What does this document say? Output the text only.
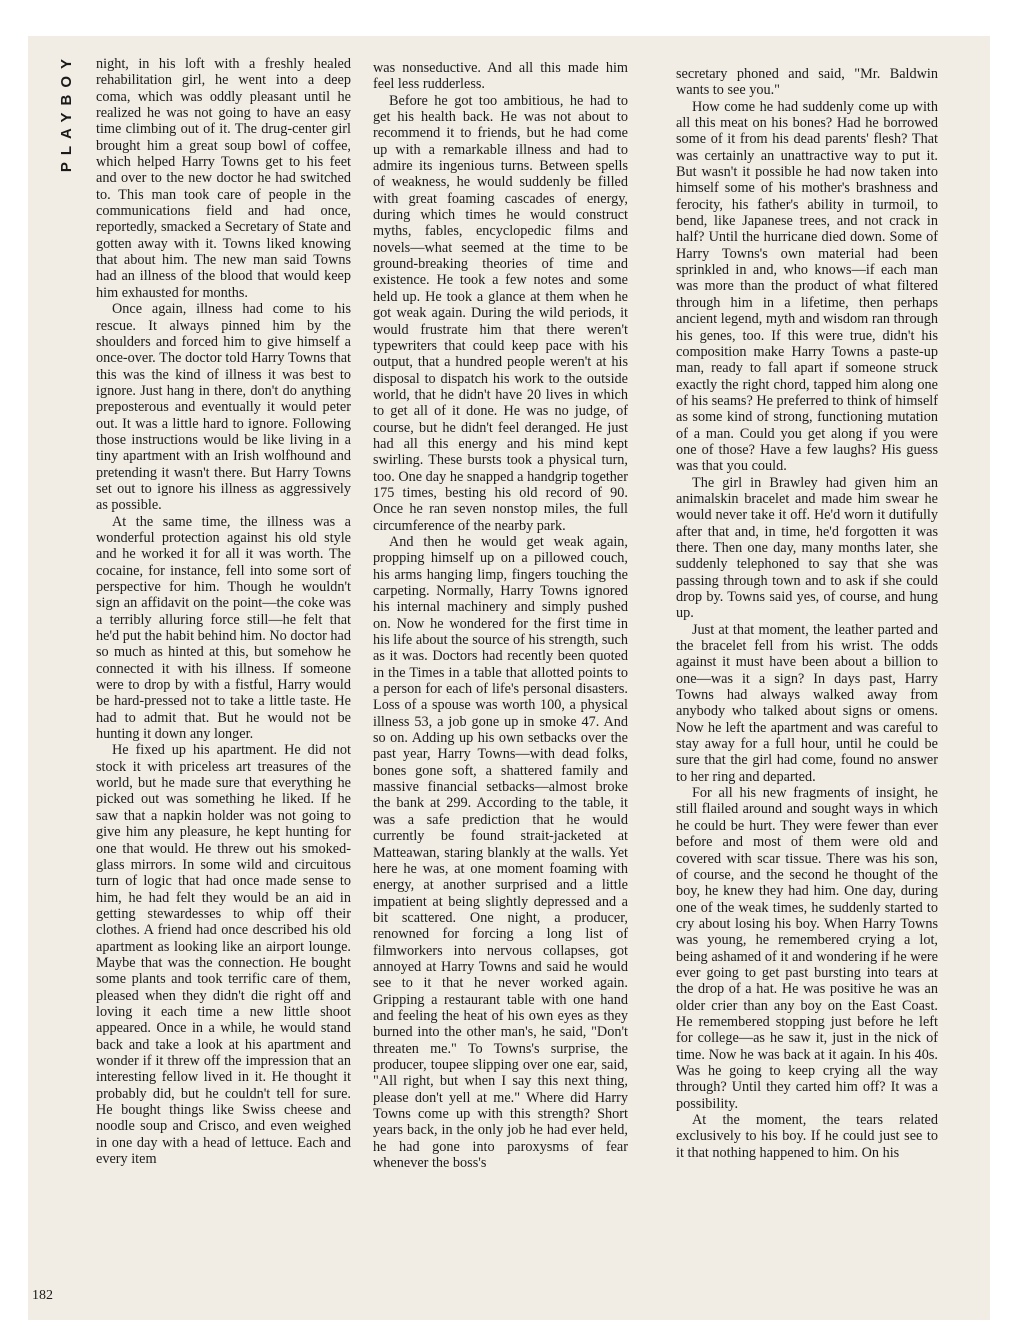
PLAYBOY
182

night, in his loft with a freshly healed rehabilitation girl, he went into a deep coma, which was oddly pleasant until he realized he was not going to have an easy time climbing out of it. The drug-center girl brought him a great soup bowl of coffee, which helped Harry Towns get to his feet and over to the new doctor he had switched to. This man took care of people in the communications field and had once, reportedly, smacked a Secretary of State and gotten away with it. Towns liked knowing that about him. The new man said Towns had an illness of the blood that would keep him exhausted for months.

Once again, illness had come to his rescue. It always pinned him by the shoulders and forced him to give himself a once-over. The doctor told Harry Towns that this was the kind of illness it was best to ignore. Just hang in there, don't do anything preposterous and eventually it would peter out. It was a little hard to ignore. Following those instructions would be like living in a tiny apartment with an Irish wolfhound and pretending it wasn't there. But Harry Towns set out to ignore his illness as aggressively as possible.

At the same time, the illness was a wonderful protection against his old style and he worked it for all it was worth. The cocaine, for instance, fell into some sort of perspective for him. Though he wouldn't sign an affidavit on the point—the coke was a terribly alluring force still—he felt that he'd put the habit behind him. No doctor had so much as hinted at this, but somehow he connected it with his illness. If someone were to drop by with a fistful, Harry would be hard-pressed not to take a little taste. He had to admit that. But he would not be hunting it down any longer.

He fixed up his apartment. He did not stock it with priceless art treasures of the world, but he made sure that everything he picked out was something he liked. If he saw that a napkin holder was not going to give him any pleasure, he kept hunting for one that would. He threw out his smoked-glass mirrors. In some wild and circuitous turn of logic that had once made sense to him, he had felt they would be an aid in getting stewardesses to whip off their clothes. A friend had once described his old apartment as looking like an airport lounge. Maybe that was the connection. He bought some plants and took terrific care of them, pleased when they didn't die right off and loving it each time a new little shoot appeared. Once in a while, he would stand back and take a look at his apartment and wonder if it threw off the impression that an interesting fellow lived in it. He thought it probably did, but he couldn't tell for sure. He bought things like Swiss cheese and noodle soup and Crisco, and even weighed in one day with a head of lettuce. Each and every item

was nonseductive. And all this made him feel less rudderless.

Before he got too ambitious, he had to get his health back. He was not about to recommend it to friends, but he had come up with a remarkable illness and had to admire its ingenious turns. Between spells of weakness, he would suddenly be filled with great foaming cascades of energy, during which times he would construct myths, fables, encyclopedic films and novels—what seemed at the time to be ground-breaking theories of time and existence. He took a few notes and some held up. He took a glance at them when he got weak again. During the wild periods, it would frustrate him that there weren't typewriters that could keep pace with his output, that a hundred people weren't at his disposal to dispatch his work to the outside world, that he didn't have 20 lives in which to get all of it done. He was no judge, of course, but he didn't feel deranged. He just had all this energy and his mind kept swirling. These bursts took a physical turn, too. One day he snapped a handgrip together 175 times, besting his old record of 90. Once he ran seven nonstop miles, the full circumference of the nearby park.

And then he would get weak again, propping himself up on a pillowed couch, his arms hanging limp, fingers touching the carpeting. Normally, Harry Towns ignored his internal machinery and simply pushed on. Now he wondered for the first time in his life about the source of his strength, such as it was. Doctors had recently been quoted in the Times in a table that allotted points to a person for each of life's personal disasters. Loss of a spouse was worth 100, a physical illness 53, a job gone up in smoke 47. And so on. Adding up his own setbacks over the past year, Harry Towns—with dead folks, bones gone soft, a shattered family and massive financial setbacks—almost broke the bank at 299. According to the table, it was a safe prediction that he would currently be found strait-jacketed at Matteawan, staring blankly at the walls. Yet here he was, at one moment foaming with energy, at another surprised and a little impatient at being slightly depressed and a bit scattered. One night, a producer, renowned for forcing a long list of filmworkers into nervous collapses, got annoyed at Harry Towns and said he would see to it that he never worked again. Gripping a restaurant table with one hand and feeling the heat of his own eyes as they burned into the other man's, he said, "Don't threaten me." To Towns's surprise, the producer, toupee slipping over one ear, said, "All right, but when I say this next thing, please don't yell at me." Where did Harry Towns come up with this strength? Short years back, in the only job he had ever held, he had gone into paroxysms of fear whenever the boss's

secretary phoned and said, "Mr. Baldwin wants to see you."

How come he had suddenly come up with all this meat on his bones? Had he borrowed some of it from his dead parents' flesh? That was certainly an unattractive way to put it. But wasn't it possible he had now taken into himself some of his mother's brashness and ferocity, his father's ability in turmoil, to bend, like Japanese trees, and not crack in half? Until the hurricane died down. Some of Harry Towns's own material had been sprinkled in and, who knows—if each man was more than the product of what filtered through him in a lifetime, then perhaps ancient legend, myth and wisdom ran through his genes, too. If this were true, didn't his composition make Harry Towns a paste-up man, ready to fall apart if someone struck exactly the right chord, tapped him along one of his seams? He preferred to think of himself as some kind of strong, functioning mutation of a man. Could you get along if you were one of those? Have a few laughs? His guess was that you could.

The girl in Brawley had given him an animalskin bracelet and made him swear he would never take it off. He'd worn it dutifully after that and, in time, he'd forgotten it was there. Then one day, many months later, she suddenly telephoned to say that she was passing through town and to ask if she could drop by. Towns said yes, of course, and hung up.

Just at that moment, the leather parted and the bracelet fell from his wrist. The odds against it must have been about a billion to one—was it a sign? In days past, Harry Towns had always walked away from anybody who talked about signs or omens. Now he left the apartment and was careful to stay away for a full hour, until he could be sure that the girl had come, found no answer to her ring and departed.

For all his new fragments of insight, he still flailed around and sought ways in which he could be hurt. They were fewer than ever before and most of them were old and covered with scar tissue. There was his son, of course, and the second he thought of the boy, he knew they had him. One day, during one of the weak times, he suddenly started to cry about losing his boy. When Harry Towns was young, he remembered crying a lot, being ashamed of it and wondering if he were ever going to get past bursting into tears at the drop of a hat. He was positive he was an older crier than any boy on the East Coast. He remembered stopping just before he left for college—as he saw it, just in the nick of time. Now he was back at it again. In his 40s. Was he going to keep crying all the way through? Until they carted him off? It was a possibility.

At the moment, the tears related exclusively to his boy. If he could just see to it that nothing happened to him. On his
